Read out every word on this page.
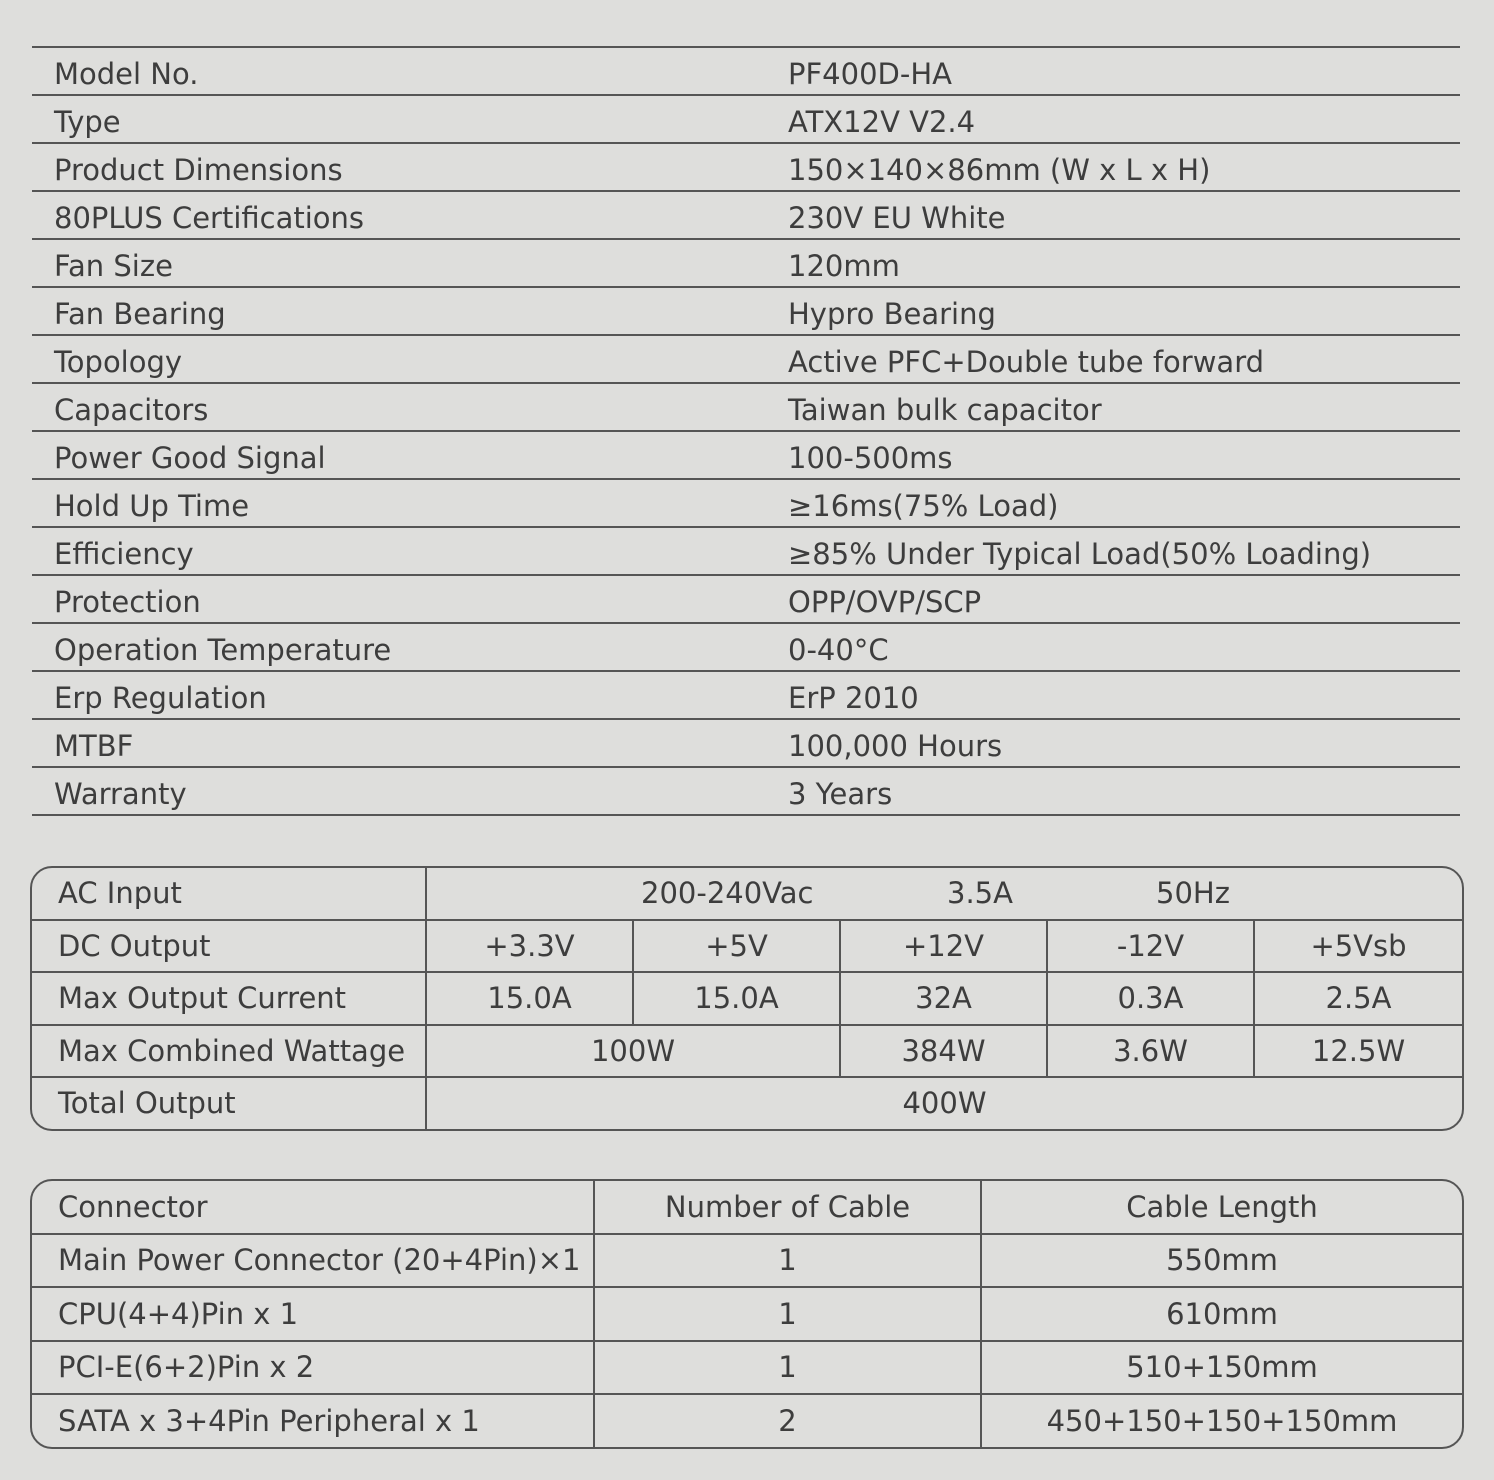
Model No.	PF400D-HA
Type	ATX12V V2.4
Product Dimensions	150×140×86mm (W x L x H)
80PLUS Certifications	230V EU White
Fan Size	120mm
Fan Bearing	Hypro Bearing
Topology	Active PFC+Double tube forward
Capacitors	Taiwan bulk capacitor
Power Good Signal	100-500ms
Hold Up Time	≥16ms(75% Load)
Efficiency	≥85% Under Typical Load(50% Loading)
Protection	OPP/OVP/SCP
Operation Temperature	0-40°C
Erp Regulation	ErP 2010
MTBF	100,000 Hours
Warranty	3 Years
AC Input	200-240Vac 3.5A 50Hz				

DC Output	+3.3V	+5V	+12V	-12V	+5Vsb
Max Output Current	15.0A	15.0A	32A	0.3A	2.5A
Max Combined Wattage	100W		384W	3.6W	12.5W
Total Output	400W				
Connector	Number of Cable	Cable Length
Main Power Connector (20+4Pin)×1	1	550mm
CPU(4+4)Pin x 1	1	610mm
PCI-E(6+2)Pin x 2	1	510+150mm
SATA x 3+4Pin Peripheral x 1	2	450+150+150+150mm
